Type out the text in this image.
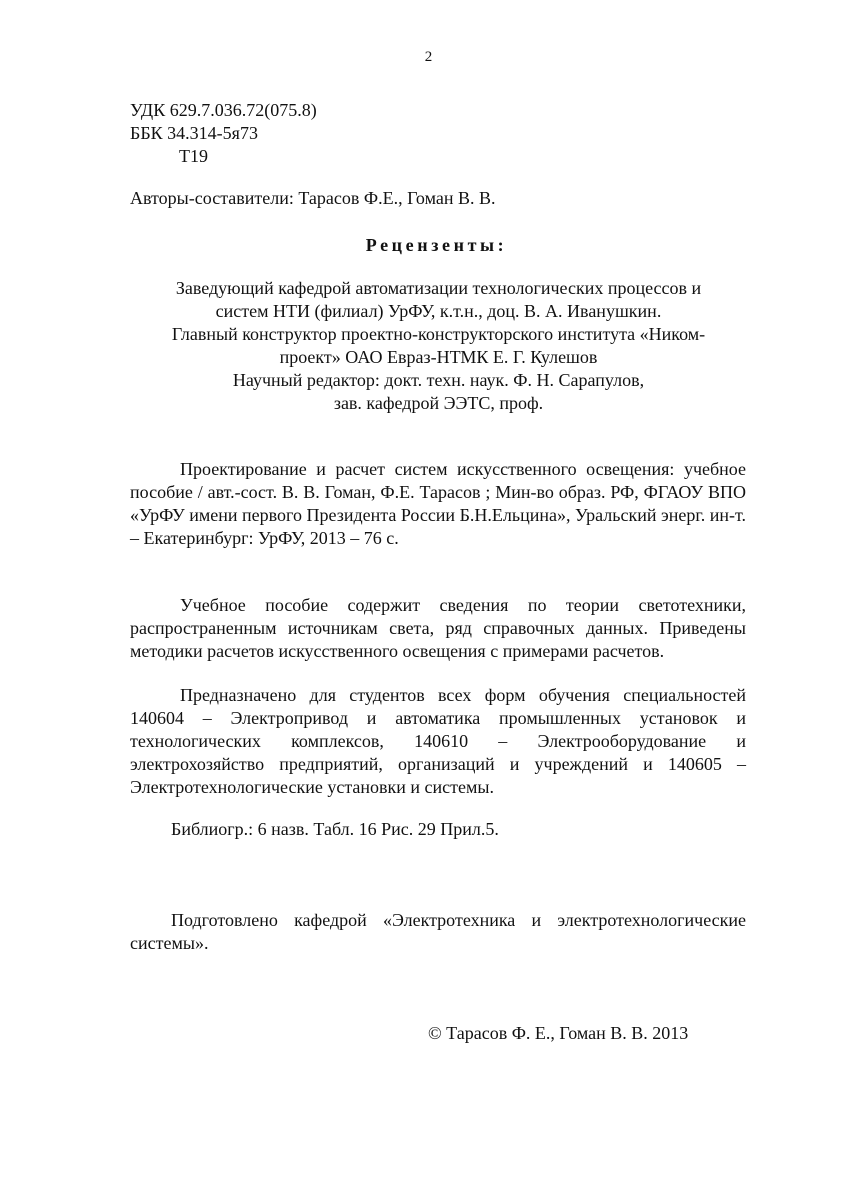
2
УДК 629.7.036.72(075.8)
ББК 34.314-5я73
Т19
Авторы-составители: Тарасов Ф.Е., Гоман В. В.
Рецензенты:
Заведующий кафедрой автоматизации технологических процессов и
систем НТИ (филиал) УрФУ, к.т.н., доц. В. А. Иванушкин.
Главный конструктор проектно-конструкторского института «Ником-
проект» ОАО Евраз-НТМК Е. Г. Кулешов
Научный редактор: докт. техн. наук. Ф. Н. Сарапулов,
зав. кафедрой ЭЭТС, проф.
Проектирование и расчет систем искусственного освещения: учебное пособие / авт.-сост. В. В. Гоман, Ф.Е. Тарасов ; Мин-во образ. РФ, ФГАОУ ВПО «УрФУ имени первого Президента России Б.Н.Ельцина», Уральский энерг. ин-т. – Екатеринбург: УрФУ, 2013 – 76 с.
Учебное пособие содержит сведения по теории светотехники, распространенным источникам света, ряд справочных данных. Приведены методики расчетов искусственного освещения с примерами расчетов.
Предназначено для студентов всех форм обучения специальностей 140604 – Электропривод и автоматика промышленных установок и технологических комплексов, 140610 – Электрооборудование и электрохозяйство предприятий, организаций и учреждений и 140605 – Электротехнологические установки и системы.
Библиогр.: 6 назв. Табл. 16 Рис. 29 Прил.5.
Подготовлено кафедрой «Электротехника и электротехнологические системы».
© Тарасов Ф. Е., Гоман В. В. 2013
